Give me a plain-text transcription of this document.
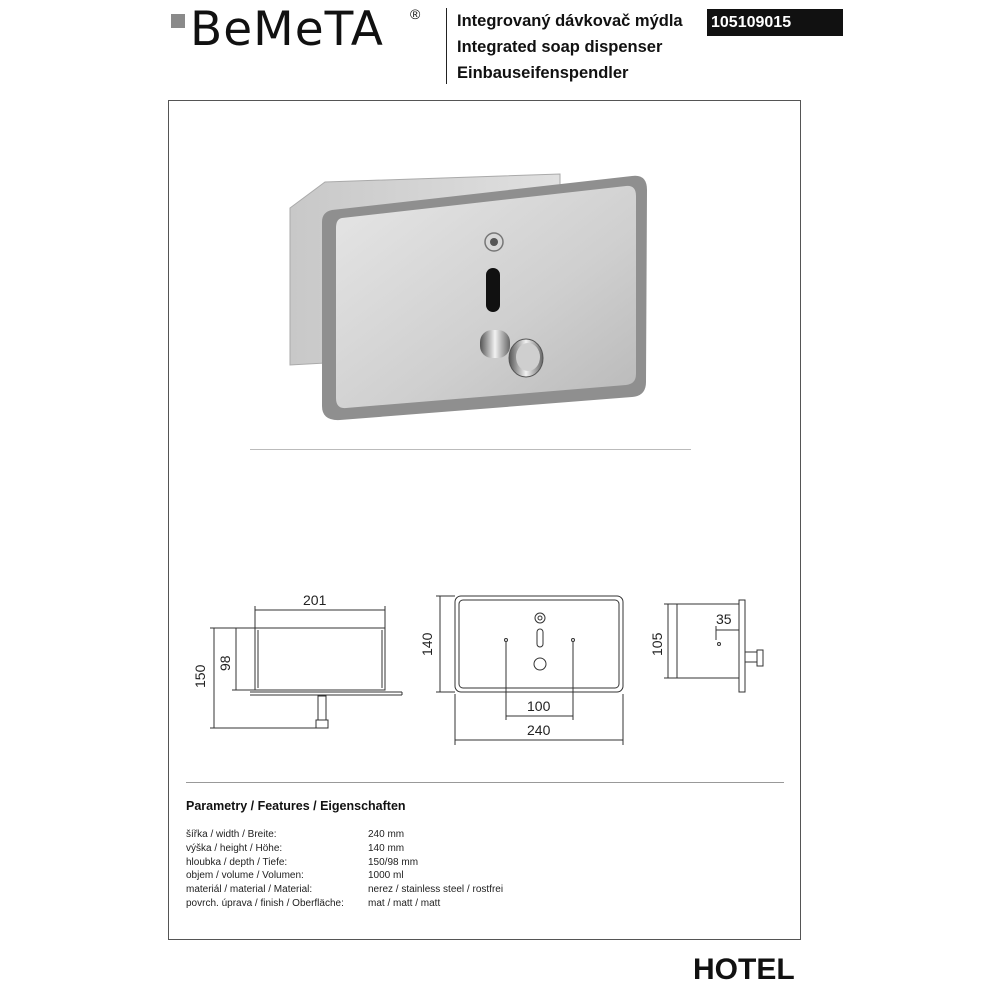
BeMeTA ® Integrovaný dávkovač mýdla
Integrated soap dispenser
Einbauseifenspendler
105109015
201
150
98
140
100
240
105
35
Parametry / Features / Eigenschaften
šířka / width / Breite:	240 mm
výška / height / Höhe:	140 mm
hloubka / depth / Tiefe:	150/98 mm
objem / volume / Volumen:	1000 ml
materiál / material / Material:	nerez / stainless steel / rostfrei
povrch. úprava / finish / Oberfläche:	mat / matt / matt
HOTEL
